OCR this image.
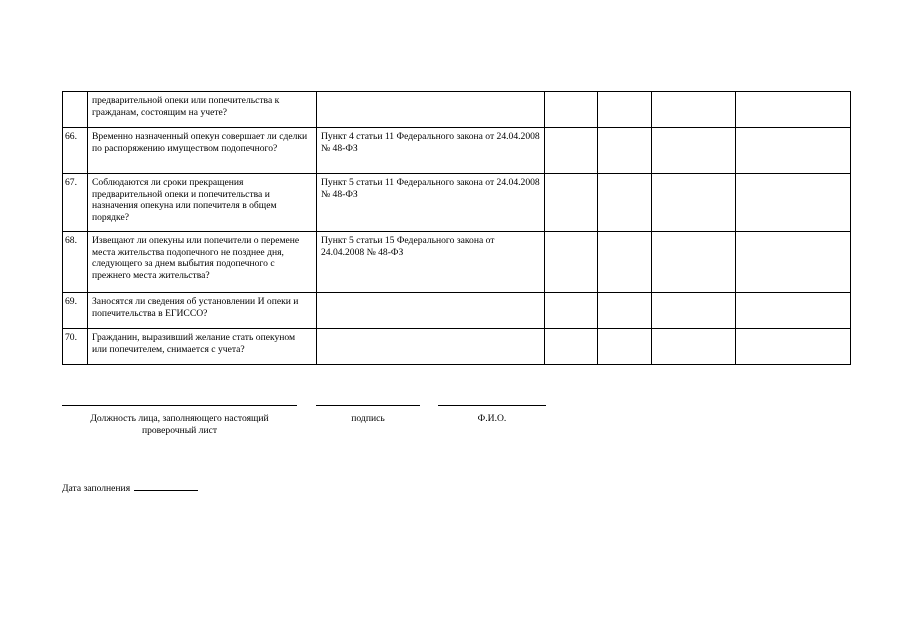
	предварительной опеки или попечительства к гражданам, состоящим на учете?					
66.	Временно назначенный опекун совершает ли сделки по распоряжению имуществом подопечного?	Пункт 4 статьи 11 Федерального закона от 24.04.2008 № 48-ФЗ				
67.	Соблюдаются ли сроки прекращения предварительной опеки и попечительства и назначения опекуна или попечителя в общем порядке?	Пункт 5 статьи 11 Федерального закона от 24.04.2008 № 48-ФЗ				
68.	Извещают ли опекуны или попечители о перемене места жительства подопечного не позднее дня, следующего за днем выбытия подопечного с прежнего места жительства?	Пункт 5 статьи 15 Федерального закона от 24.04.2008 № 48-ФЗ				
69.	Заносятся ли сведения об установлении И опеки и попечительства в ЕГИССО?					
70.	Гражданин, выразивший желание стать опекуном или попечителем, снимается с учета?					
Должность лица, заполняющего настоящий проверочный лист
подпись	Ф.И.О.
Дата заполнения
